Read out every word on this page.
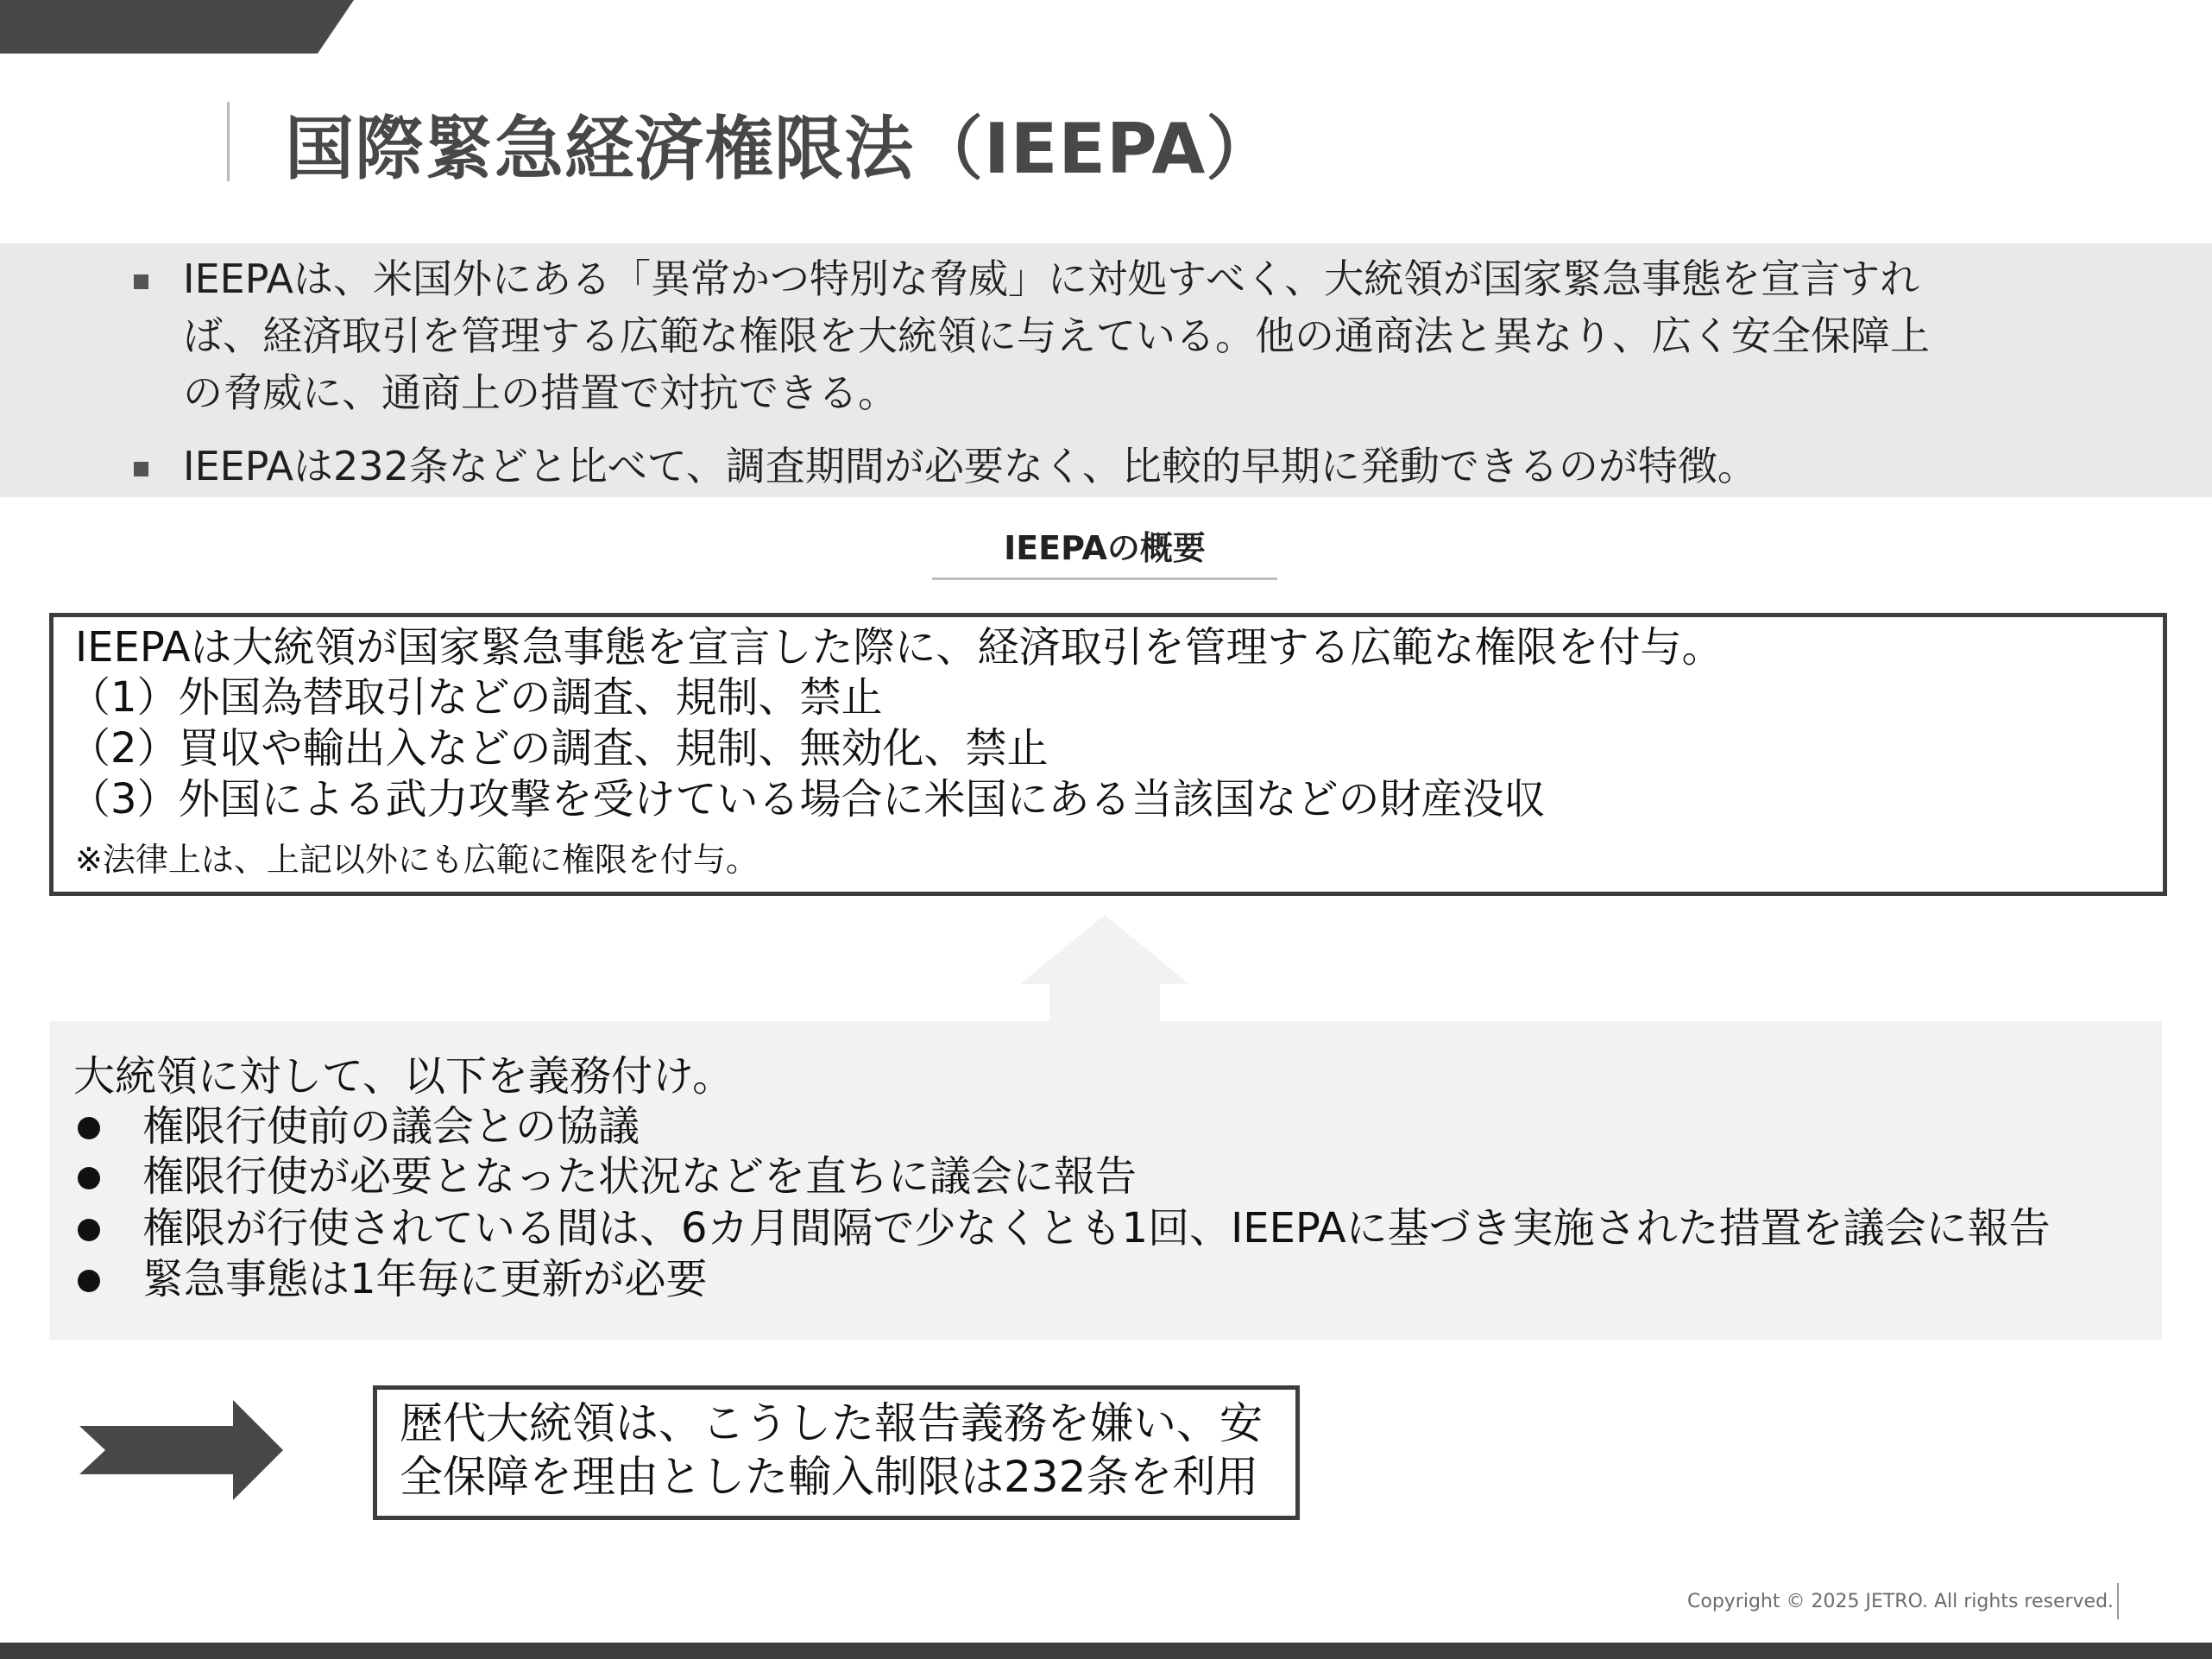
国際緊急経済権限法（IEEPA）
IEEPAは、米国外にある「異常かつ特別な脅威」に対処すべく、大統領が国家緊急事態を宣言すれ
ば、経済取引を管理する広範な権限を大統領に与えている。他の通商法と異なり、広く安全保障上
の脅威に、通商上の措置で対抗できる。
IEEPAは232条などと比べて、調査期間が必要なく、比較的早期に発動できるのが特徴。
IEEPAの概要
IEEPAは大統領が国家緊急事態を宣言した際に、経済取引を管理する広範な権限を付与。
（1）外国為替取引などの調査、規制、禁止
（2）買収や輸出入などの調査、規制、無効化、禁止
（3）外国による武力攻撃を受けている場合に米国にある当該国などの財産没収
※法律上は、上記以外にも広範に権限を付与。
大統領に対して、以下を義務付け。
権限行使前の議会との協議
権限行使が必要となった状況などを直ちに議会に報告
権限が行使されている間は、6カ月間隔で少なくとも1回、IEEPAに基づき実施された措置を議会に報告
緊急事態は1年毎に更新が必要
歴代大統領は、こうした報告義務を嫌い、安
全保障を理由とした輸入制限は232条を利用
Copyright © 2025 JETRO. All rights reserved.
